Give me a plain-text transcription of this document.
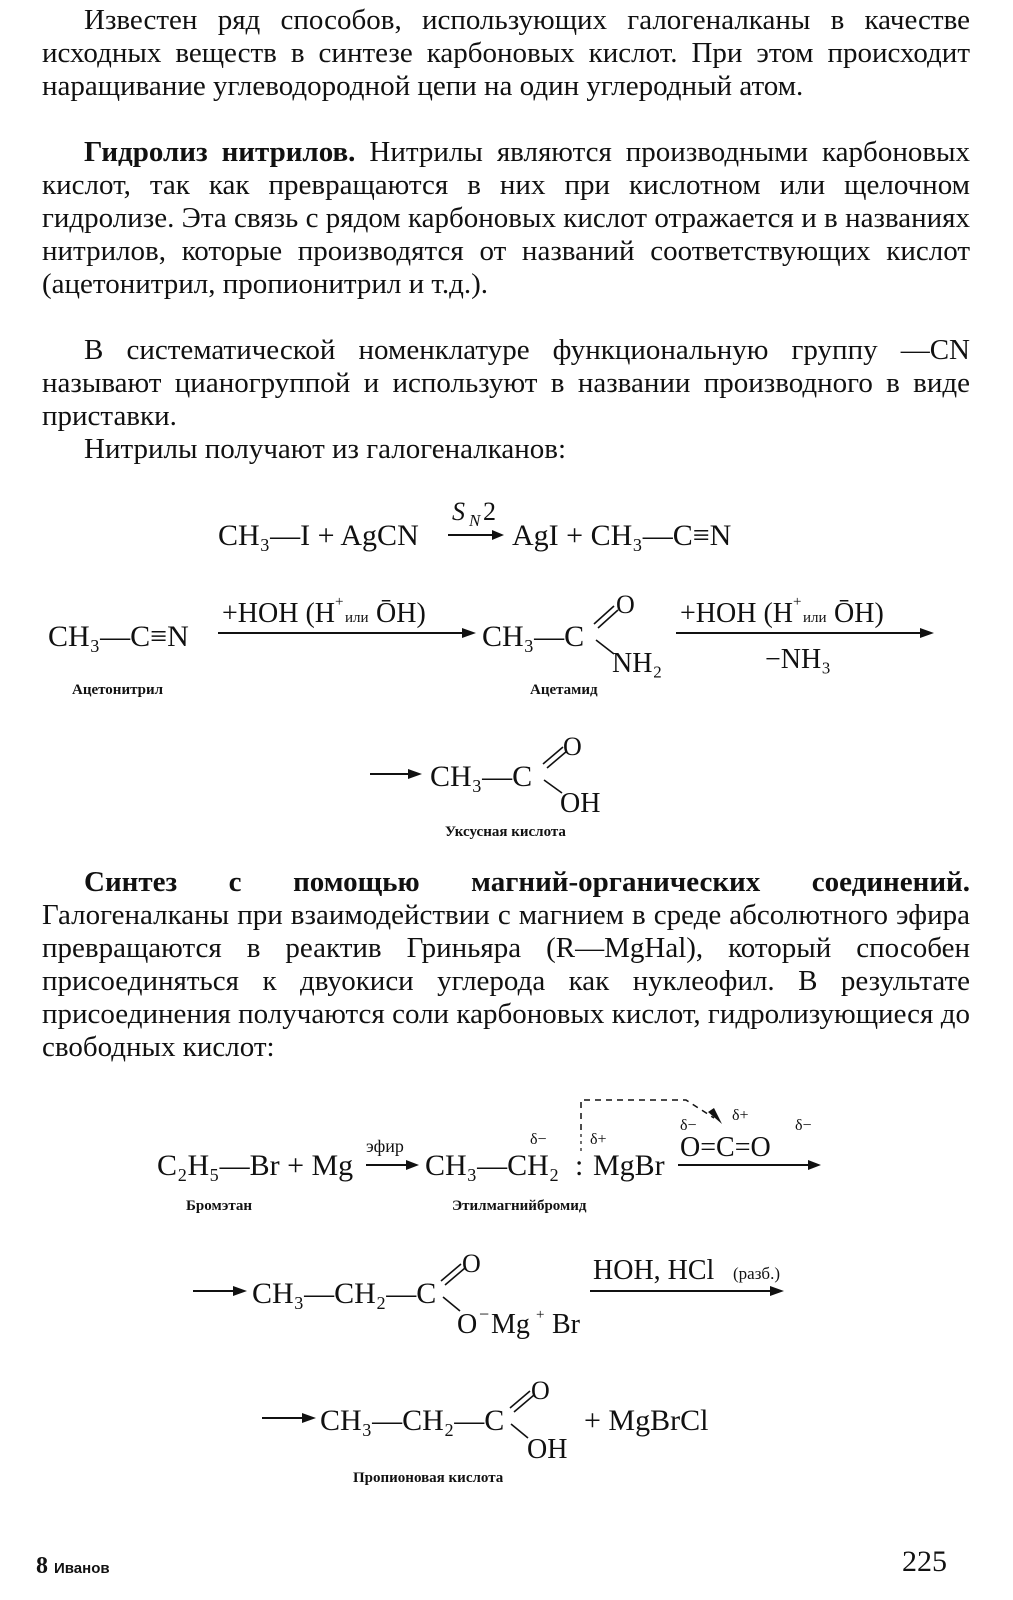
Известен ряд способов, использующих галогеналканы в качестве исходных веществ в синтезе карбоновых кислот. При этом происходит наращивание углеводородной цепи на один углеродный атом.

Гидролиз нитрилов. Нитрилы являются производными карбоновых кислот, так как превращаются в них при кислотном или щелочном гидролизе. Эта связь с рядом карбоновых кислот отражается и в названиях нитрилов, которые производятся от названий соответствующих кислот (ацетонитрил, пропионитрил и т.д.).

В систематической номенклатуре функциональную группу —CN называют цианогруппой и используют в названии производного в виде приставки.

Нитрилы получают из галогеналканов:

CH₃—I + AgCN
S N 2
AgI + CH₃—C≡N
CH₃—C≡N
+HOH (H +
или ŌH)
CH₃—C
O
NH₂
+HOH (H +
или ŌH)
−NH₃
Ацетонитрил	Ацетамид
CH₃—C
O
OH
Уксусная кислота

Синтез с помощью магний-органических соединений. Галогеналканы при взаимодействии с магнием в среде абсолютного эфира превращаются в реактив Гриньяра (R—MgHal), который способен присоединяться к двуокиси углерода как нуклеофил. В результате присоединения получаются соли карбоновых кислот, гидролизующиеся до свободных кислот:

C₂H₅—Br + Mg
эфир
CH₃—CH₂
δ−
:
δ+
MgBr
δ−
δ+
δ−
O=C=O
Бромэтан	Этилмагнийбромид
CH₃—CH₂—C
O
O − Mg + Br
HOH, HCl (разб.)
CH₃—CH₂—C
O
OH
+ MgBrCl
Пропионовая кислота
8 Иванов	225
